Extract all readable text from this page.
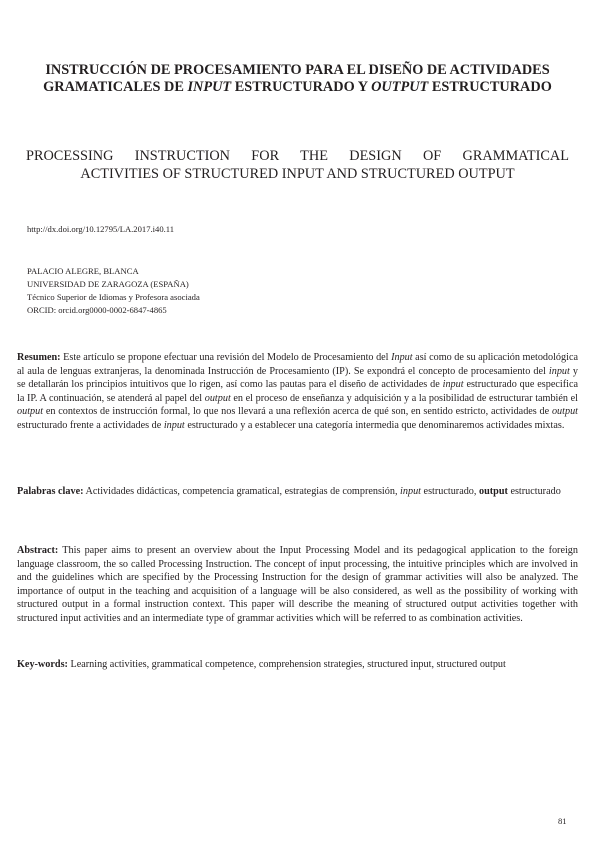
INSTRUCCIÓN DE PROCESAMIENTO PARA EL DISEÑO DE ACTIVIDADES
GRAMATICALES DE INPUT ESTRUCTURADO Y OUTPUT ESTRUCTURADO
PROCESSING INSTRUCTION FOR THE DESIGN OF GRAMMATICAL
ACTIVITIES OF STRUCTURED INPUT AND STRUCTURED OUTPUT
http://dx.doi.org/10.12795/LA.2017.i40.11
PALACIO ALEGRE, BLANCA
UNIVERSIDAD DE ZARAGOZA (ESPAÑA)
Técnico Superior de Idiomas y Profesora asociada
ORCID: orcid.org0000-0002-6847-4865
Resumen: Este artículo se propone efectuar una revisión del Modelo de Procesamiento del Input así como de su aplicación metodológica al aula de lenguas extranjeras, la denominada Instrucción de Procesamiento (IP). Se expondrá el concepto de procesamiento del input y se detallarán los principios intuitivos que lo rigen, así como las pautas para el diseño de actividades de input estructurado que especifica la IP. A continuación, se atenderá al papel del output en el proceso de enseñanza y adquisición y a la posibilidad de estructurar también el output en contextos de instrucción formal, lo que nos llevará a una reflexión acerca de qué son, en sentido estricto, actividades de output estructurado frente a actividades de input estructurado y a establecer una categoría intermedia que denominaremos actividades mixtas.
Palabras clave: Actividades didácticas, competencia gramatical, estrategias de comprensión, input estructurado, output estructurado
Abstract: This paper aims to present an overview about the Input Processing Model and its pedagogical application to the foreign language classroom, the so called Processing Instruction. The concept of input processing, the intuitive principles which are involved in and the guidelines which are specified by the Processing Instruction for the design of grammar activities will also be analyzed. The importance of output in the teaching and acquisition of a language will be also considered, as well as the possibility of working with structured output in a formal instruction context. This paper will describe the meaning of structured output activities together with structured input activities and an intermediate type of grammar activities which will be referred to as combination activities.
Key-words: Learning activities, grammatical competence, comprehension strategies, structured input, structured output
81
